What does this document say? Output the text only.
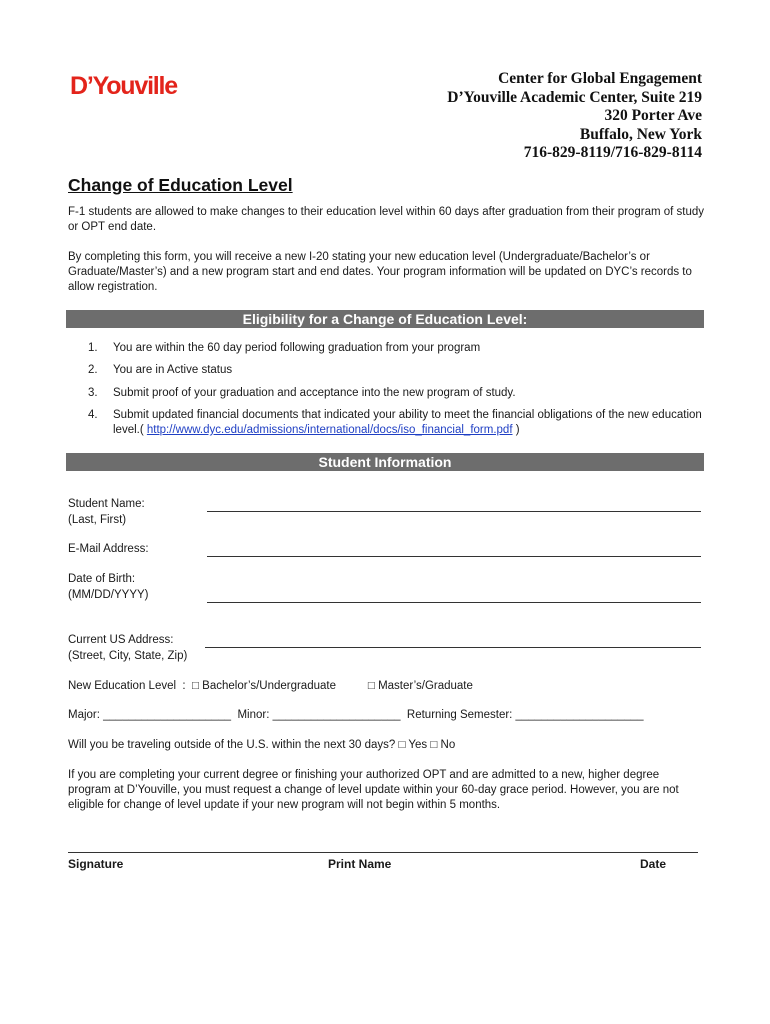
D’Youville	Center for Global Engagement
D’Youville Academic Center, Suite 219
320 Porter Ave
Buffalo, New York
716-829-8119/716-829-8114
Change of Education Level

F-1 students are allowed to make changes to their education level within 60 days after graduation from their program of study or OPT end date.

By completing this form, you will receive a new I-20 stating your new education level (Undergraduate/Bachelor’s or Graduate/Master’s) and a new program start and end dates. Your program information will be updated on DYC’s records to allow registration.

Eligibility for a Change of Education Level:
1. You are within the 60 day period following graduation from your program
2. You are in Active status
3. Submit proof of your graduation and acceptance into the new program of study.
4. Submit updated financial documents that indicated your ability to meet the financial obligations of the new education level.( http://www.dyc.edu/admissions/international/docs/iso_financial_form.pdf )
Student Information
Student Name:
(Last, First)
E-Mail Address:
Date of Birth:
(MM/DD/YYYY)
Current US Address:
(Street, City, State, Zip)
New Education Level  :  □ Bachelor’s/Undergraduate          □ Master’s/Graduate
Major: ____________________  Minor: ____________________  Returning Semester: ____________________
Will you be traveling outside of the U.S. within the next 30 days? □ Yes □ No

If you are completing your current degree or finishing your authorized OPT and are admitted to a new, higher degree program at D’Youville, you must request a change of level update within your 60-day grace period. However, you are not eligible for change of level update if your new program will not begin within 5 months.

Signature	Print Name	Date
